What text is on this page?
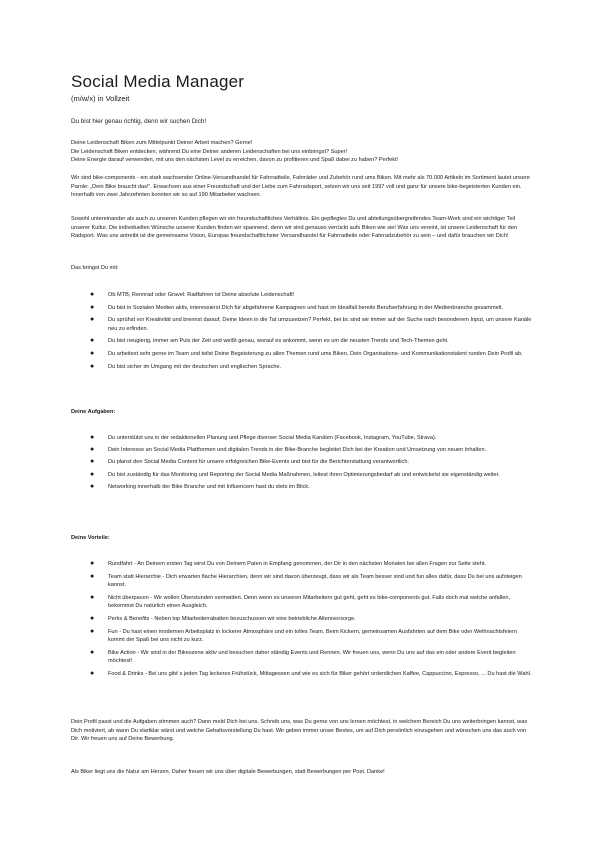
Social Media Manager

(m/w/x) in Vollzeit

Du bist hier genau richtig, denn wir suchen Dich!

Deine Leidenschaft Biken zum Mittelpunkt Deiner Arbeit machen? Gerne!
Die Leidenschaft Biken entdecken, während Du eine Deiner anderen Leidenschaften bei uns einbringst? Super!
Deine Energie darauf verwenden, mit uns den nächsten Level zu erreichen, davon zu profitieren und Spaß dabei zu haben? Perfekt!

Wir sind bike-components - ein stark wachsender Online-Versandhandel für Fahrradteile, Fahrräder und Zubehör rund ums Biken. Mit mehr als 70.000 Artikeln im Sortiment lautet unsere Parole: „Dein Bike braucht das!“. Erwachsen aus einer Freundschaft und der Liebe zum Fahrradsport, setzen wir uns seit 1997 voll und ganz für unsere bike-begeisterten Kunden ein. Innerhalb von zwei Jahrzehnten konnten wir so auf 190 Mitarbeiter wachsen.

Sowohl untereinander als auch zu unseren Kunden pflegen wir ein freundschaftliches Verhältnis. Ein gepflegtes Du und abteilungsübergreifendes Team-Work sind ein wichtiger Teil unserer Kultur. Die individuellen Wünsche unserer Kunden finden wir spannend, denn wir sind genauso verrückt aufs Biken wie sie! Was uns vereint, ist unsere Leidenschaft für den Radsport. Was uns antreibt ist die gemeinsame Vision, Europas freundschaftlichster Versandhandel für Fahrradteile oder Fahrradzubehör zu sein – und dafür brauchen wir Dich!

Das bringst Du mit:

● Ob MTB, Rennrad oder Gravel: Radfahren ist Deine absolute Leidenschaft!
● Du bist in Sozialen Medien aktiv, interessierst Dich für abgefahrene Kampagnen und hast im Idealfall bereits Berufserfahrung in der Medienbranche gesammelt.
● Du sprühst vor Kreativität und brennst darauf, Deine Ideen in die Tat umzusetzen? Perfekt, bei bc sind wir immer auf der Suche nach besonderem Input, um unsere Kanäle neu zu erfinden.
● Du bist neugierig, immer am Puls der Zeit und weißt genau, worauf es ankommt, wenn es um die neusten Trends und Tech-Themen geht.
● Du arbeitest sehr gerne im Team und teilst Deine Begeisterung zu allen Themen rund ums Biken. Dein Organisations- und Kommunikationstalent runden Dein Profil ab.
● Du bist sicher im Umgang mit der deutschen und englischen Sprache.

Deine Aufgaben:

● Du unterstützt uns in der redaktionellen Planung und Pflege diverser Social Media Kanälen (Facebook, Instagram, YouTube, Strava).
● Dein Interesse an Social Media Plattformen und digitalen Trends in der Bike-Branche begleitet Dich bei der Kreation und Umsetzung von neuen Inhalten.
● Du planst den Social Media Content für unsere erfolgreichen Bike-Events und bist für die Berichterstattung verantwortlich.
● Du bist zuständig für das Monitoring und Reporting der Social Media Maßnahmen, leitest ihren Optimierungsbedarf ab und entwickelst sie eigenständig weiter.
● Networking innerhalb der Bike Branche und mit Influencern hast du stets im Blick.

Deine Vorteile:

● Rundfahrt - An Deinem ersten Tag wirst Du von Deinem Paten in Empfang genommen, der Dir in den nächsten Monaten bei allen Fragen zur Seite steht.
● Team statt Hierarchie - Dich erwarten flache Hierarchien, denn wir sind davon überzeugt, dass wir als Team besser sind und fun alles dafür, dass Du bei uns aufsteigen kannst.
● Nicht überpacen - Wir wollen Überstunden vermeiden. Denn wenn es unseren Mitarbeitern gut geht, geht es bike-components gut. Falls doch mal welche anfallen, bekommst Du natürlich einen Ausgleich.
● Perks & Benefits - Neben top Mitarbeiterrabatten bezuschussen wir eine betriebliche Altersvorsorge.
● Fun - Du hast einen modernen Arbeitsplatz in lockerer Atmosphäre und ein tolles Team. Beim Kickern, gemeinsamen Ausfahrten auf dem Bike oder Weihnachtsfeiern kommt der Spaß bei uns nicht zu kurz.
● Bike Action - Wir sind in der Bikeszene aktiv und besuchen daher ständig Events und Rennen. Wir freuen uns, wenn Du uns auf das ein oder andere Event begleiten möchtest!
● Food & Drinks - Bei uns gibt´s jeden Tag leckeres Frühstück, Mittagessen und wie es sich für Biker gehört ordentlichen Kaffee, Cappuccino, Espresso, ... Du hast die Wahl.

Dein Profil passt und die Aufgaben stimmen auch? Dann meld Dich bei uns. Schreib uns, was Du gerne von uns lernen möchtest, in welchem Bereich Du uns weiterbringen kannst, was Dich motiviert, ab wann Du startklar wärst und welche Gehaltsvorstellung Du hast. Wir geben immer unser Bestes, um auf Dich persönlich einzugehen und wünschen uns das auch von Dir. Wir freuen uns auf Deine Bewerbung.

Als Biker liegt uns die Natur am Herzen. Daher freuen wir uns über digitale Bewerbungen, statt Bewerbungen per Post. Danke!
